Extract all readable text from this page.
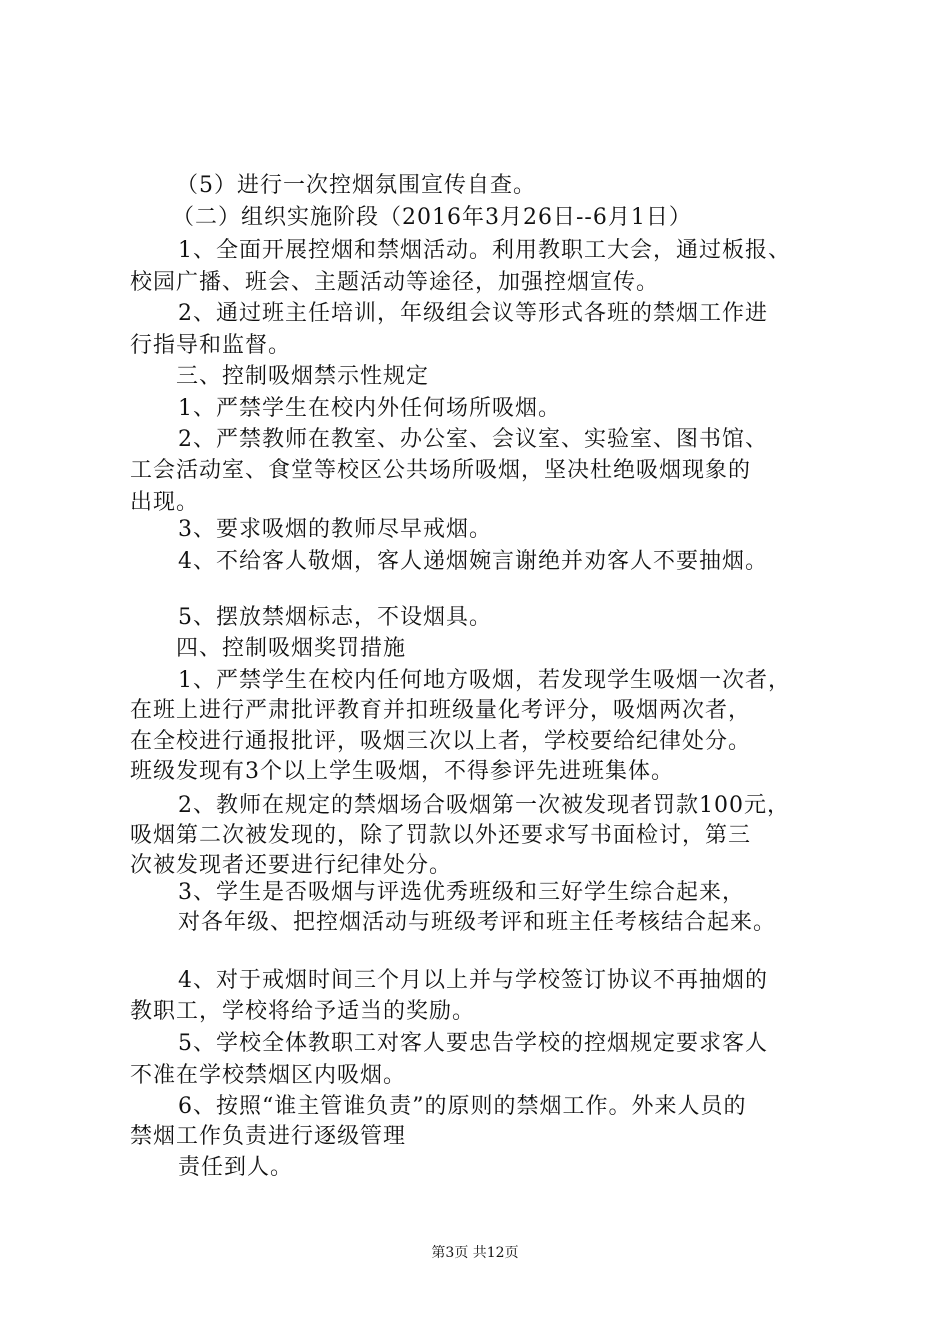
（5）进行一次控烟氛围宣传自查。
（二）组织实施阶段（2016年3月26日--6月1日）
1、全面开展控烟和禁烟活动。利用教职工大会，通过板报、
校园广播、班会、主题活动等途径，加强控烟宣传。
2、通过班主任培训，年级组会议等形式各班的禁烟工作进
行指导和监督。
三、控制吸烟禁示性规定
1、严禁学生在校内外任何场所吸烟。
2、严禁教师在教室、办公室、会议室、实验室、图书馆、
工会活动室、食堂等校区公共场所吸烟，坚决杜绝吸烟现象的
出现。
3、要求吸烟的教师尽早戒烟。
4、不给客人敬烟，客人递烟婉言谢绝并劝客人不要抽烟。
5、摆放禁烟标志，不设烟具。
四、控制吸烟奖罚措施
1、严禁学生在校内任何地方吸烟，若发现学生吸烟一次者，
在班上进行严肃批评教育并扣班级量化考评分，吸烟两次者，
在全校进行通报批评，吸烟三次以上者，学校要给纪律处分。
班级发现有3个以上学生吸烟，不得参评先进班集体。
2、教师在规定的禁烟场合吸烟第一次被发现者罚款100元，
吸烟第二次被发现的，除了罚款以外还要求写书面检讨，第三
次被发现者还要进行纪律处分。
3、学生是否吸烟与评选优秀班级和三好学生综合起来，
对各年级、把控烟活动与班级考评和班主任考核结合起来。
4、对于戒烟时间三个月以上并与学校签订协议不再抽烟的
教职工，学校将给予适当的奖励。
5、学校全体教职工对客人要忠告学校的控烟规定要求客人
不准在学校禁烟区内吸烟。
6、按照“谁主管谁负责”的原则的禁烟工作。外来人员的
禁烟工作负责进行逐级管理
责任到人。
第3页 共12页
